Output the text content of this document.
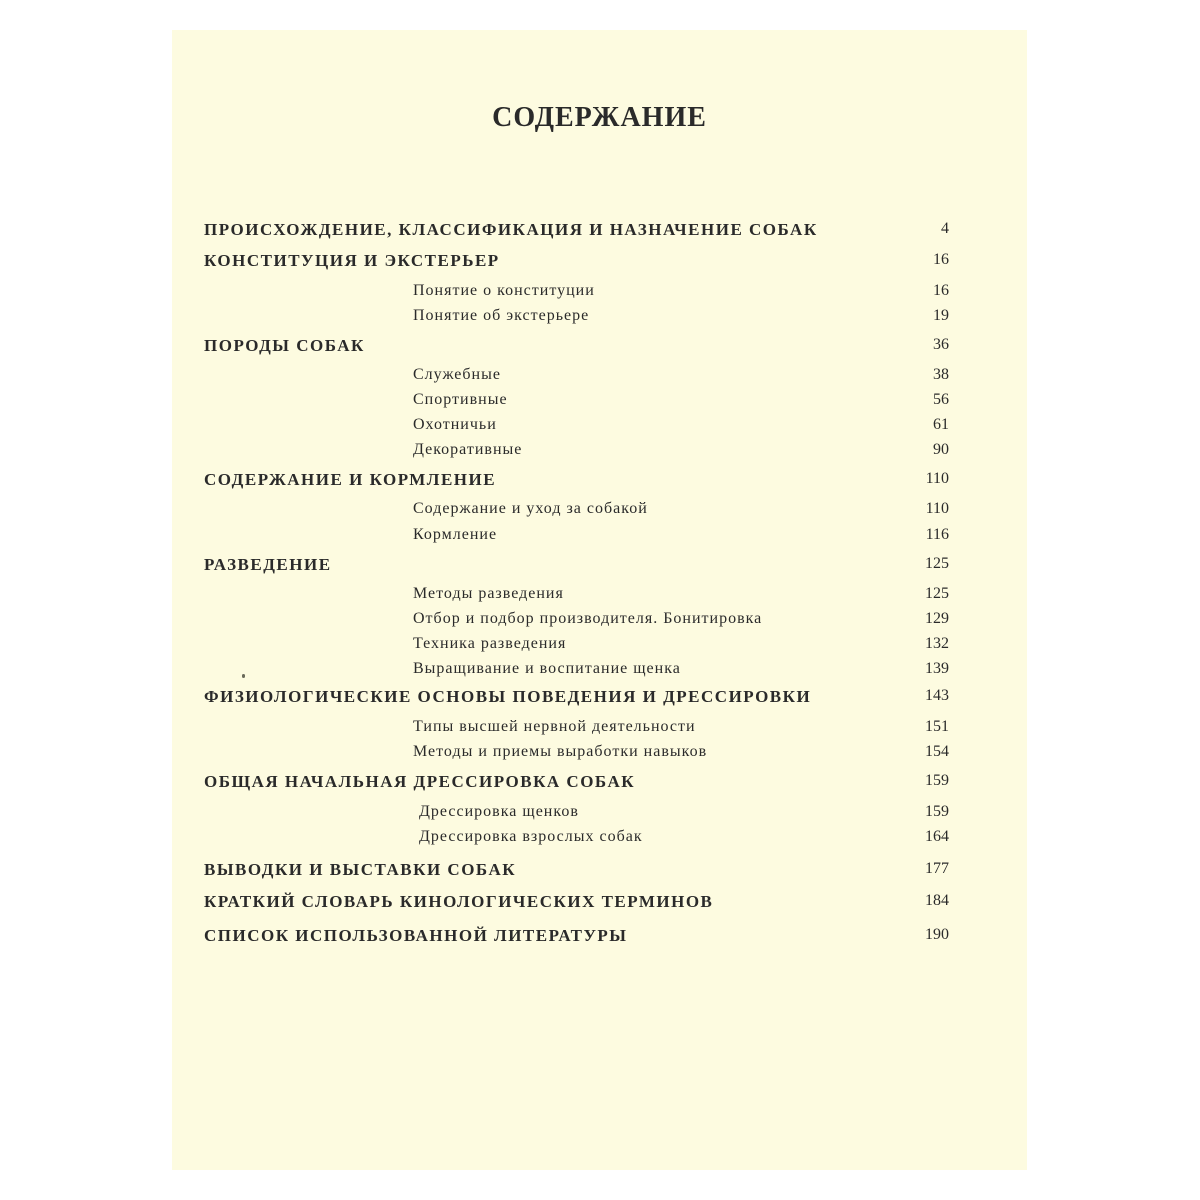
СОДЕРЖАНИЕ
ПРОИСХОЖДЕНИЕ, КЛАССИФИКАЦИЯ И НАЗНАЧЕНИЕ СОБАК	4
КОНСТИТУЦИЯ И ЭКСТЕРЬЕР	16
Понятие о конституции	16
Понятие об экстерьере	19
ПОРОДЫ СОБАК	36
Служебные	38
Спортивные	56
Охотничьи	61
Декоративные	90
СОДЕРЖАНИЕ И КОРМЛЕНИЕ	110
Содержание и уход за собакой	110
Кормление	116
РАЗВЕДЕНИЕ	125
Методы разведения	125
Отбор и подбор производителя. Бонитировка	129
Техника разведения	132
Выращивание и воспитание щенка	139
ФИЗИОЛОГИЧЕСКИЕ ОСНОВЫ ПОВЕДЕНИЯ И ДРЕССИРОВКИ	143
Типы высшей нервной деятельности	151
Методы и приемы выработки навыков	154
ОБЩАЯ НАЧАЛЬНАЯ ДРЕССИРОВКА СОБАК	159
Дрессировка щенков	159
Дрессировка взрослых собак	164
ВЫВОДКИ И ВЫСТАВКИ СОБАК	177
КРАТКИЙ СЛОВАРЬ КИНОЛОГИЧЕСКИХ ТЕРМИНОВ	184
СПИСОК ИСПОЛЬЗОВАННОЙ ЛИТЕРАТУРЫ	190
